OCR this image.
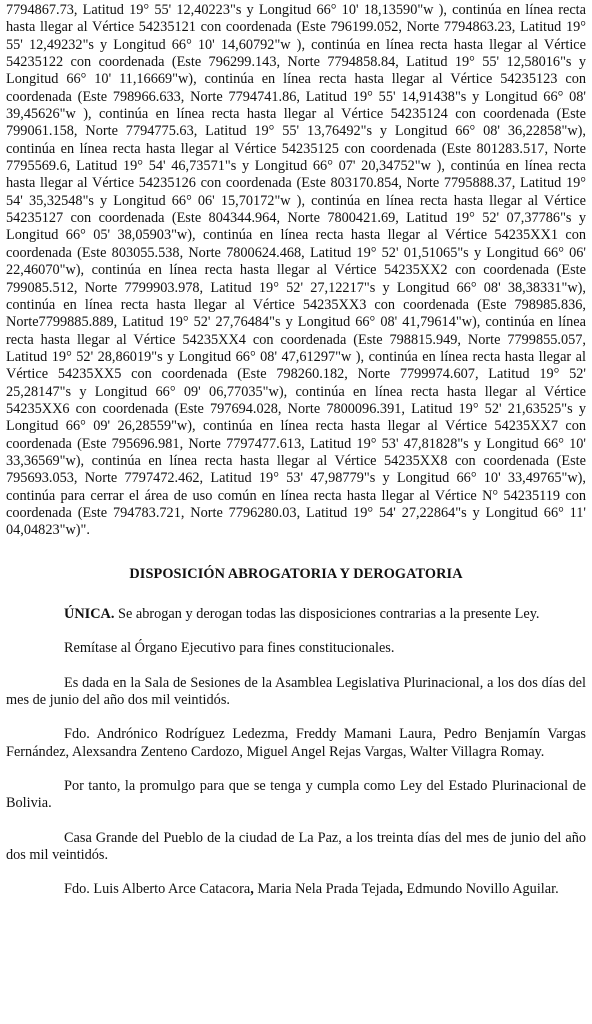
7794867.73, Latitud 19° 55' 12,40223"s y Longitud 66° 10' 18,13590"w ), continúa en línea recta hasta llegar al Vértice 54235121 con coordenada (Este 796199.052, Norte 7794863.23, Latitud 19° 55' 12,49232"s y Longitud 66° 10' 14,60792"w ), continúa en línea recta hasta llegar al Vértice 54235122 con coordenada (Este 796299.143, Norte 7794858.84, Latitud 19° 55' 12,58016"s y Longitud 66° 10' 11,16669"w), continúa en línea recta hasta llegar al Vértice 54235123 con coordenada (Este 798966.633, Norte 7794741.86, Latitud 19° 55' 14,91438"s y Longitud 66° 08' 39,45626"w ), continúa en línea recta hasta llegar al Vértice 54235124 con coordenada (Este 799061.158, Norte 7794775.63, Latitud 19° 55' 13,76492"s y Longitud 66° 08' 36,22858"w), continúa en línea recta hasta llegar al Vértice 54235125 con coordenada (Este 801283.517, Norte 7795569.6, Latitud 19° 54' 46,73571"s y Longitud 66° 07' 20,34752"w ), continúa en línea recta hasta llegar al Vértice 54235126 con coordenada (Este 803170.854, Norte 7795888.37, Latitud 19° 54' 35,32548"s y Longitud 66° 06' 15,70172"w ), continúa en línea recta hasta llegar al Vértice 54235127 con coordenada (Este 804344.964, Norte 7800421.69, Latitud 19° 52' 07,37786"s y Longitud 66° 05' 38,05903"w), continúa en línea recta hasta llegar al Vértice 54235XX1 con coordenada (Este 803055.538, Norte 7800624.468, Latitud 19° 52' 01,51065"s y Longitud 66° 06' 22,46070"w), continúa en línea recta hasta llegar al Vértice 54235XX2 con coordenada (Este 799085.512, Norte 7799903.978, Latitud 19° 52' 27,12217"s y Longitud 66° 08' 38,38331"w), continúa en línea recta hasta llegar al Vértice 54235XX3 con coordenada (Este 798985.836, Norte7799885.889, Latitud 19° 52' 27,76484"s y Longitud 66° 08' 41,79614"w), continúa en línea recta hasta llegar al Vértice 54235XX4 con coordenada (Este 798815.949, Norte 7799855.057, Latitud 19° 52' 28,86019"s y Longitud 66° 08' 47,61297"w ), continúa en línea recta hasta llegar al Vértice 54235XX5 con coordenada (Este 798260.182, Norte 7799974.607, Latitud 19° 52' 25,28147"s y Longitud 66° 09' 06,77035"w), continúa en línea recta hasta llegar al Vértice 54235XX6 con coordenada (Este 797694.028, Norte 7800096.391, Latitud 19° 52' 21,63525"s y Longitud 66° 09' 26,28559"w), continúa en línea recta hasta llegar al Vértice 54235XX7 con coordenada (Este 795696.981, Norte 7797477.613, Latitud 19° 53' 47,81828"s y Longitud 66° 10' 33,36569"w), continúa en línea recta hasta llegar al Vértice 54235XX8 con coordenada (Este 795693.053, Norte 7797472.462, Latitud 19° 53' 47,98779"s y Longitud 66° 10' 33,49765"w), continúa para cerrar el área de uso común en línea recta hasta llegar al Vértice N° 54235119 con coordenada (Este 794783.721, Norte 7796280.03, Latitud 19° 54' 27,22864"s y Longitud 66° 11' 04,04823"w)".

DISPOSICIÓN ABROGATORIA Y DEROGATORIA

ÚNICA. Se abrogan y derogan todas las disposiciones contrarias a la presente Ley.

Remítase al Órgano Ejecutivo para fines constitucionales.

Es dada en la Sala de Sesiones de la Asamblea Legislativa Plurinacional, a los dos días del mes de junio del año dos mil veintidós.

Fdo. Andrónico Rodríguez Ledezma, Freddy Mamani Laura, Pedro Benjamín Vargas Fernández, Alexsandra Zenteno Cardozo, Miguel Angel Rejas Vargas, Walter Villagra Romay.

Por tanto, la promulgo para que se tenga y cumpla como Ley del Estado Plurinacional de Bolivia.

Casa Grande del Pueblo de la ciudad de La Paz, a los treinta días del mes de junio del año dos mil veintidós.

Fdo. Luis Alberto Arce Catacora, Maria Nela Prada Tejada, Edmundo Novillo Aguilar.
